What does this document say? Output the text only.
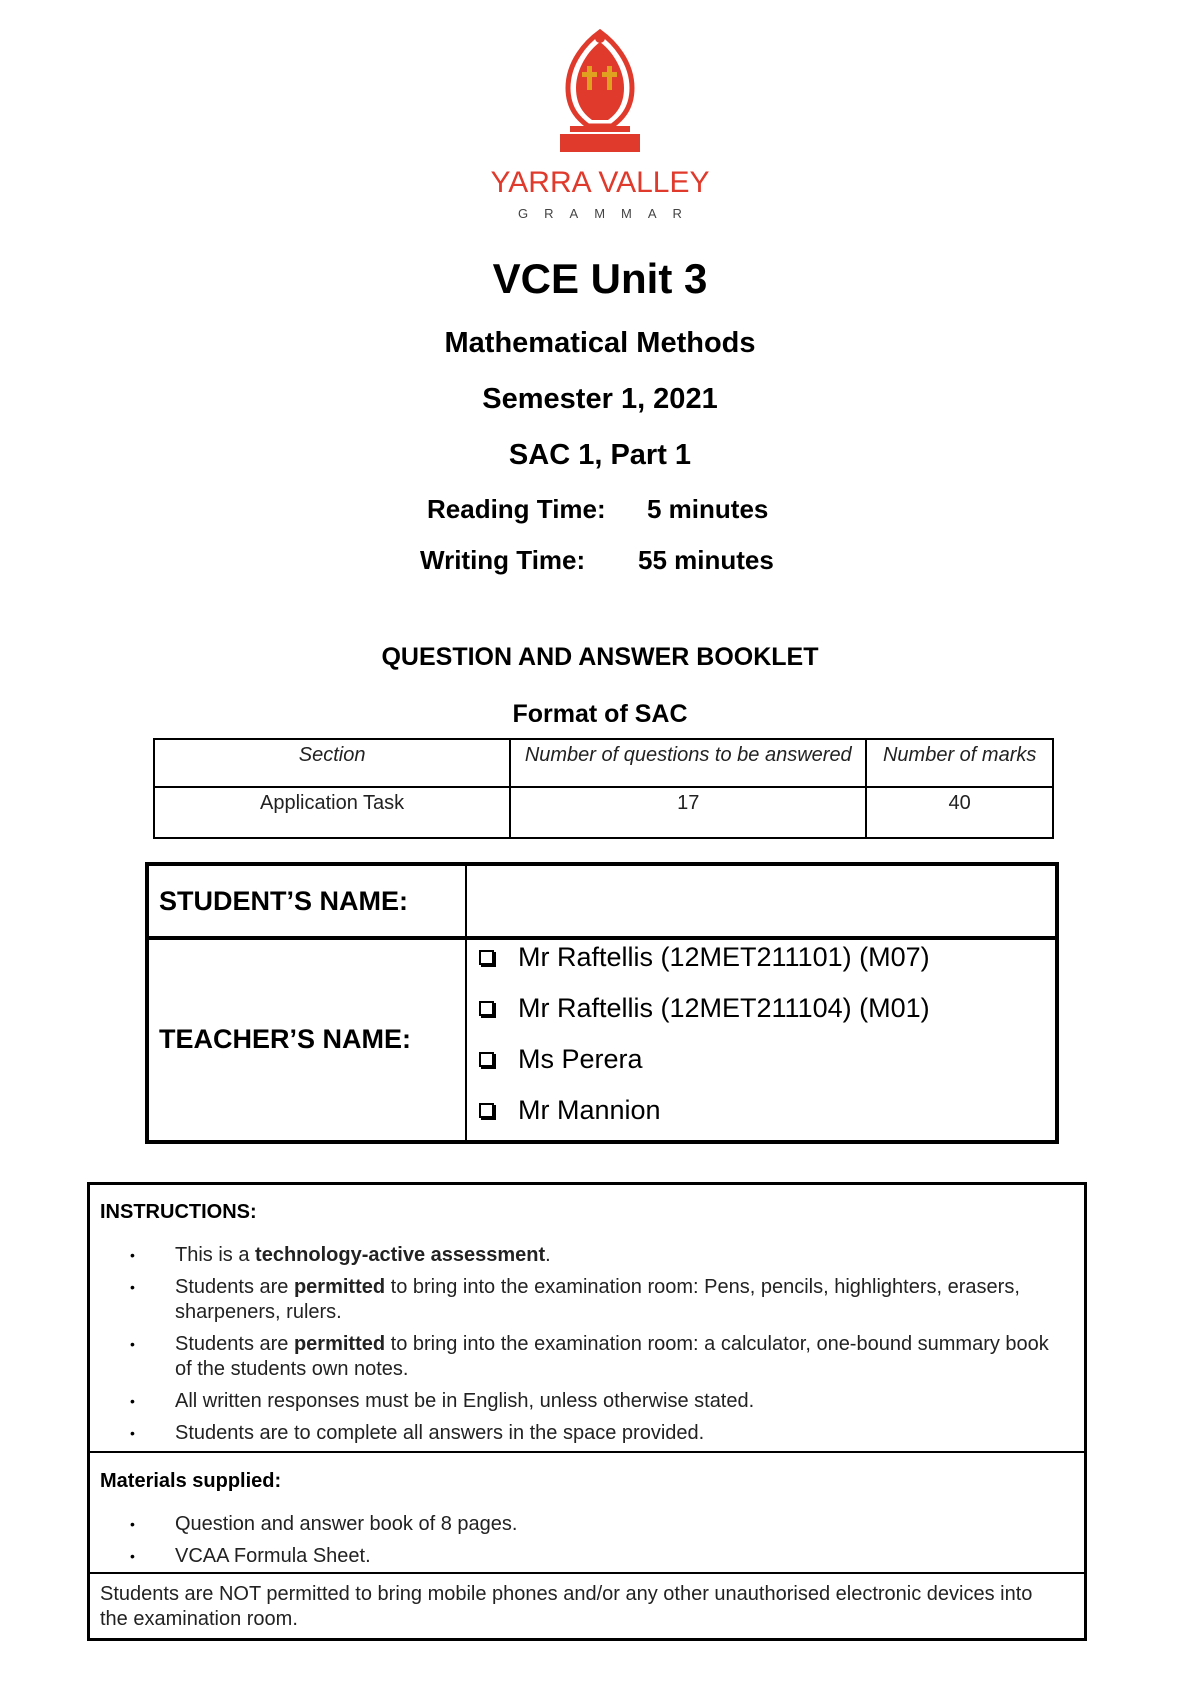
YARRA VALLEY
GRAMMAR
VCE Unit 3
Mathematical Methods
Semester 1, 2021
SAC 1, Part 1
Reading Time: 5 minutes
Writing Time: 55 minutes
QUESTION AND ANSWER BOOKLET
Format of SAC
Section	Number of questions to be answered	Number of marks
Application Task	17	40
STUDENT’S NAME:
TEACHER’S NAME:
Mr Raftellis (12MET211101) (M07)
Mr Raftellis (12MET211104) (M01)
Ms Perera
Mr Mannion
INSTRUCTIONS:
• This is a technology-active assessment.
• Students are permitted to bring into the examination room: Pens, pencils, highlighters, erasers, sharpeners, rulers.
• Students are permitted to bring into the examination room: a calculator, one-bound summary book of the students own notes.
• All written responses must be in English, unless otherwise stated.
• Students are to complete all answers in the space provided.
Materials supplied:
• Question and answer book of 8 pages.
• VCAA Formula Sheet.
Students are NOT permitted to bring mobile phones and/or any other unauthorised electronic devices into the examination room.
